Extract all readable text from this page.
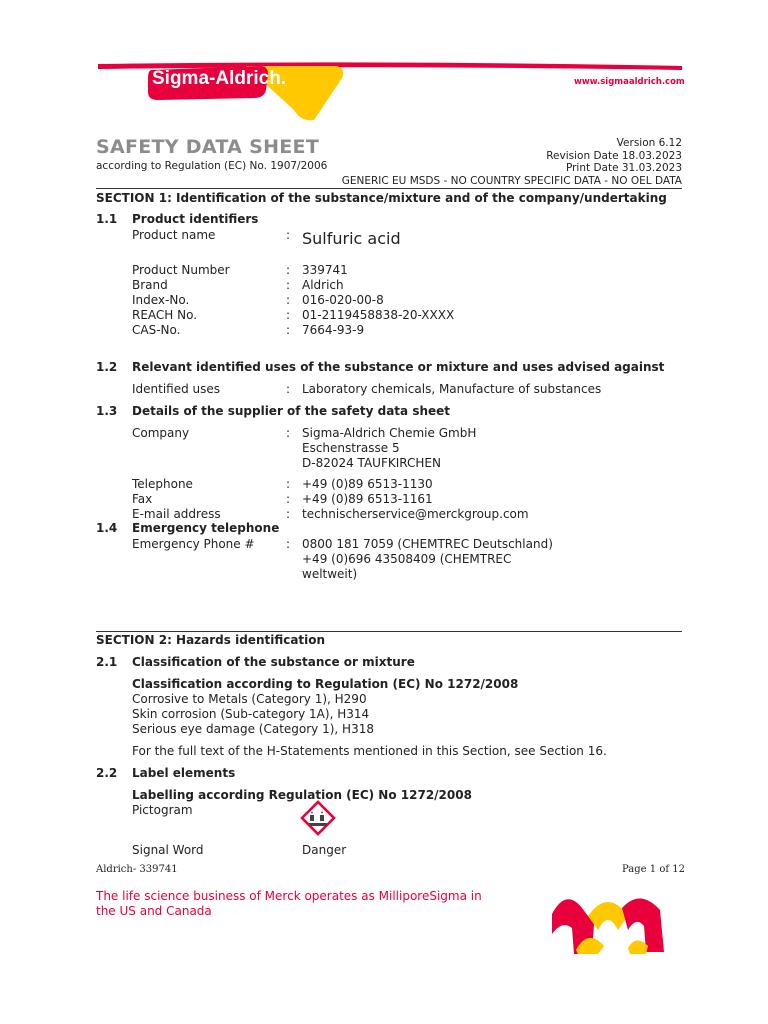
Sigma-Aldrich.	www.sigmaaldrich.com
SAFETY DATA SHEET
according to Regulation (EC) No. 1907/2006
Version 6.12
Revision Date 18.03.2023
Print Date 31.03.2023
GENERIC EU MSDS - NO COUNTRY SPECIFIC DATA - NO OEL DATA
SECTION 1: Identification of the substance/mixture and of the company/undertaking
1.1 Product identifiers
Product name	: Sulfuric acid
Product Number	: 339741
Brand	: Aldrich
Index-No.	: 016-020-00-8
REACH No.	: 01-2119458838-20-XXXX
CAS-No.	: 7664-93-9
1.2 Relevant identified uses of the substance or mixture and uses advised against
Identified uses	: Laboratory chemicals, Manufacture of substances
1.3 Details of the supplier of the safety data sheet
Company	: Sigma-Aldrich Chemie GmbH
Eschenstrasse 5
D-82024 TAUFKIRCHEN
Telephone	: +49 (0)89 6513-1130
Fax	: +49 (0)89 6513-1161
E-mail address	: technischerservice@merckgroup.com
1.4 Emergency telephone
Emergency Phone #	: 0800 181 7059 (CHEMTREC Deutschland)
+49 (0)696 43508409 (CHEMTREC
weltweit)
SECTION 2: Hazards identification
2.1 Classification of the substance or mixture
Classification according to Regulation (EC) No 1272/2008
Corrosive to Metals (Category 1), H290
Skin corrosion (Sub-category 1A), H314
Serious eye damage (Category 1), H318
For the full text of the H-Statements mentioned in this Section, see Section 16.
2.2 Label elements
Labelling according Regulation (EC) No 1272/2008
Pictogram
Signal Word	Danger
Aldrich- 339741	Page 1 of 12
The life science business of Merck operates as MilliporeSigma in
the US and Canada
